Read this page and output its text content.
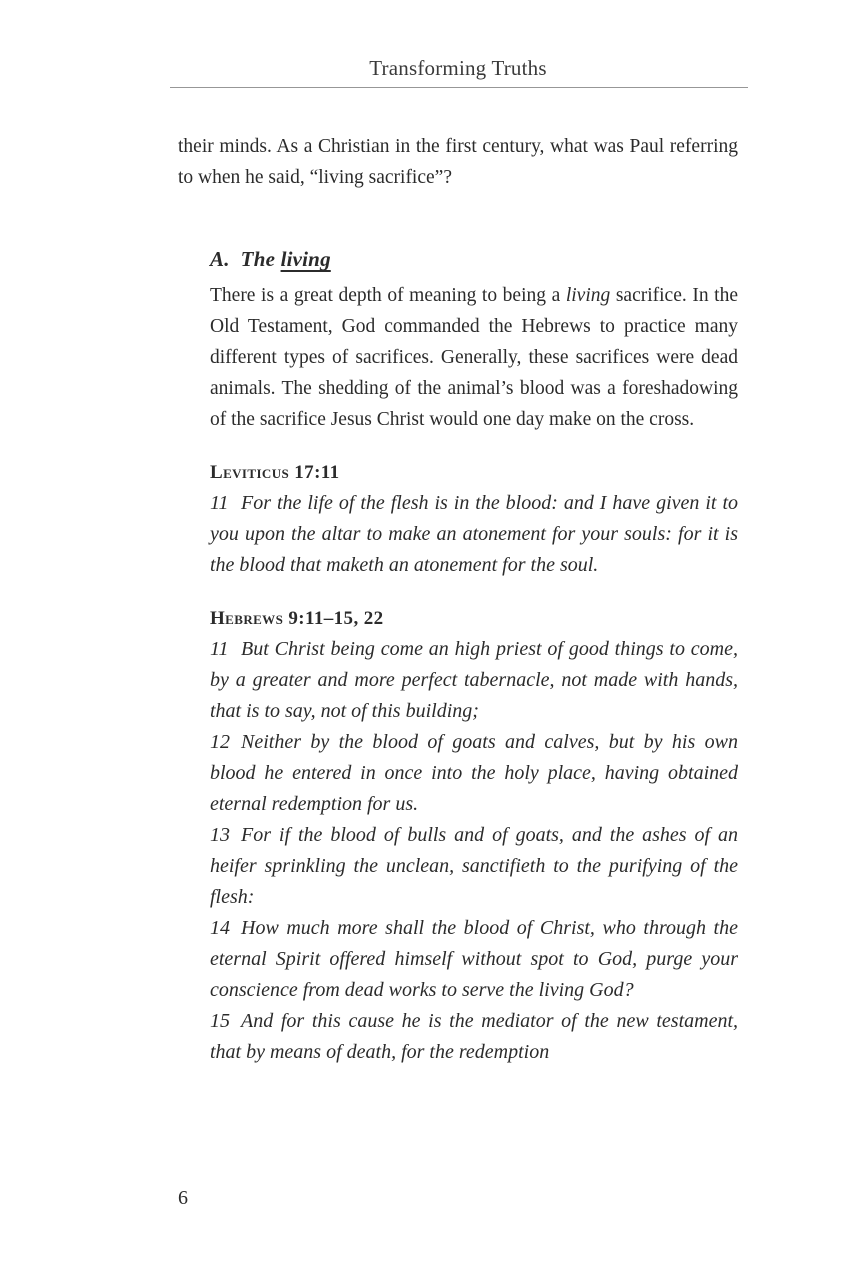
Transforming Truths

their minds. As a Christian in the first century, what was Paul referring to when he said, “living sacrifice”?

A. The living

There is a great depth of meaning to being a living sacrifice. In the Old Testament, God commanded the Hebrews to practice many different types of sacrifices. Generally, these sacrifices were dead animals. The shedding of the animal’s blood was a foreshadowing of the sacrifice Jesus Christ would one day make on the cross.

Leviticus 17:11

11 For the life of the flesh is in the blood: and I have given it to you upon the altar to make an atonement for your souls: for it is the blood that maketh an atonement for the soul.

Hebrews 9:11–15, 22

11 But Christ being come an high priest of good things to come, by a greater and more perfect tabernacle, not made with hands, that is to say, not of this building;

12 Neither by the blood of goats and calves, but by his own blood he entered in once into the holy place, having obtained eternal redemption for us.

13 For if the blood of bulls and of goats, and the ashes of an heifer sprinkling the unclean, sanctifieth to the purifying of the flesh:

14 How much more shall the blood of Christ, who through the eternal Spirit offered himself without spot to God, purge your conscience from dead works to serve the living God?

15 And for this cause he is the mediator of the new testament, that by means of death, for the redemption

6
